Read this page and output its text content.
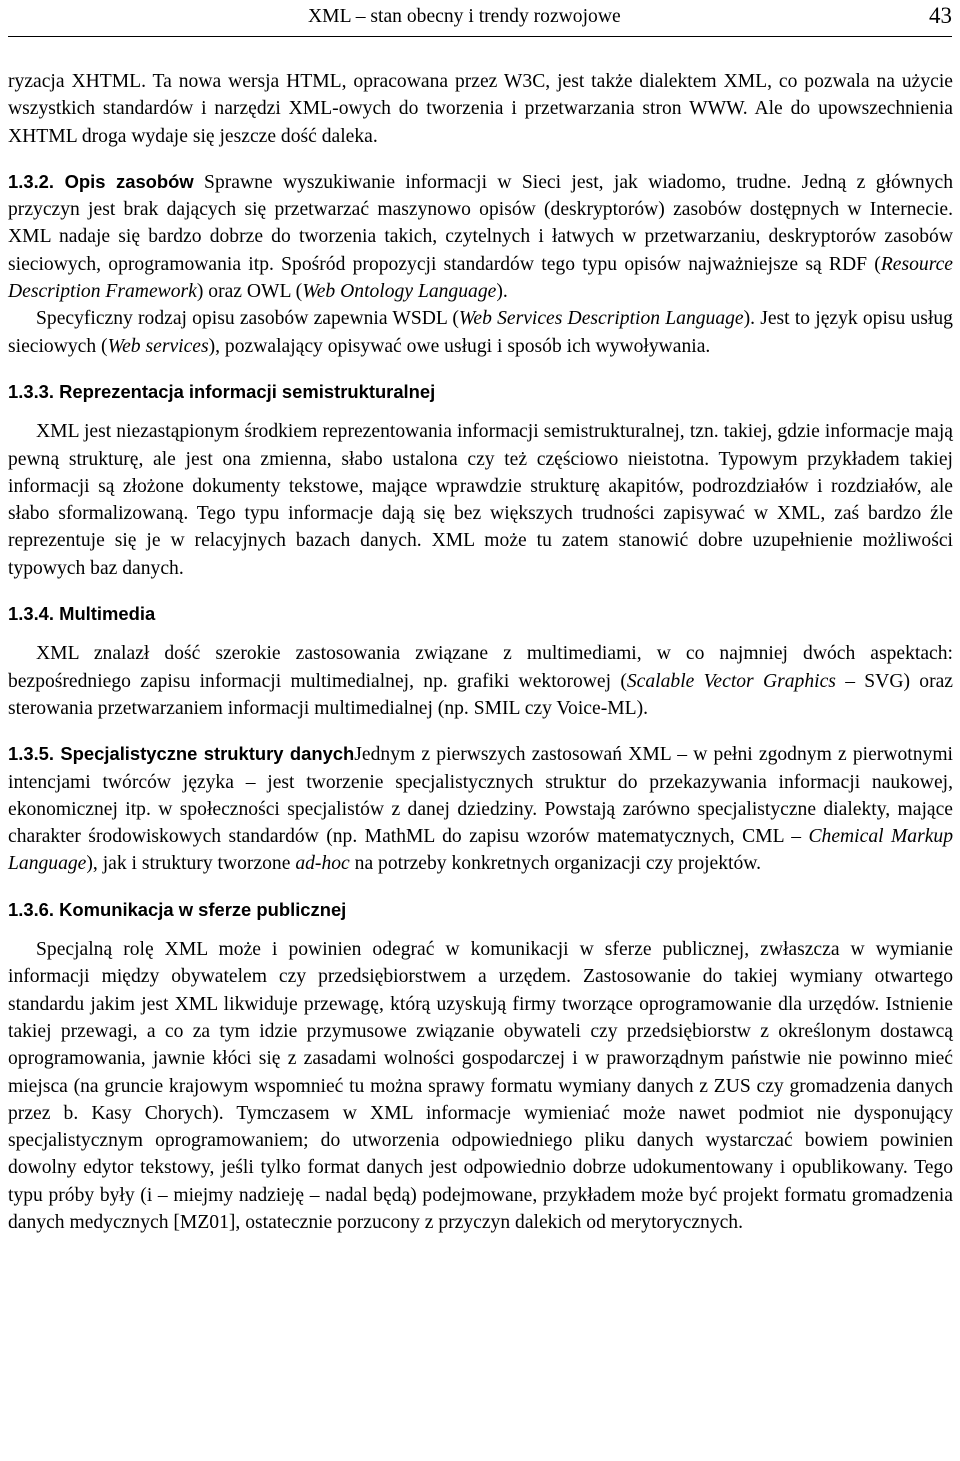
XML – stan obecny i trendy rozwojowe	43

ryzacja XHTML. Ta nowa wersja HTML, opracowana przez W3C, jest także dialektem XML, co pozwala na użycie wszystkich standardów i narzędzi XML-owych do tworzenia i przetwarzania stron WWW. Ale do upowszechnienia XHTML droga wydaje się jeszcze dość daleka.

1.3.2. Opis zasobów Sprawne wyszukiwanie informacji w Sieci jest, jak wiadomo, trudne. Jedną z głównych przyczyn jest brak dających się przetwarzać maszynowo opisów (deskryptorów) zasobów dostępnych w Internecie. XML nadaje się bardzo dobrze do tworzenia takich, czytelnych i łatwych w przetwarzaniu, deskryptorów zasobów sieciowych, oprogramowania itp. Spośród propozycji standardów tego typu opisów najważniejsze są RDF (Resource Description Framework) oraz OWL (Web Ontology Language).

Specyficzny rodzaj opisu zasobów zapewnia WSDL (Web Services Description Language). Jest to język opisu usług sieciowych (Web services), pozwalający opisywać owe usługi i sposób ich wywoływania.

1.3.3. Reprezentacja informacji semistrukturalnej

XML jest niezastąpionym środkiem reprezentowania informacji semistrukturalnej, tzn. takiej, gdzie informacje mają pewną strukturę, ale jest ona zmienna, słabo ustalona czy też częściowo nieistotna. Typowym przykładem takiej informacji są złożone dokumenty tekstowe, mające wprawdzie strukturę akapitów, podrozdziałów i rozdziałów, ale słabo sformalizowaną. Tego typu informacje dają się bez większych trudności zapisywać w XML, zaś bardzo źle reprezentuje się je w relacyjnych bazach danych. XML może tu zatem stanowić dobre uzupełnienie możliwości typowych baz danych.

1.3.4. Multimedia

XML znalazł dość szerokie zastosowania związane z multimediami, w co najmniej dwóch aspektach: bezpośredniego zapisu informacji multimedialnej, np. grafiki wektorowej (Scalable Vector Graphics – SVG) oraz sterowania przetwarzaniem informacji multimedialnej (np. SMIL czy Voice-ML).

1.3.5. Specjalistyczne struktury danychJednym z pierwszych zastosowań XML – w pełni zgodnym z pierwotnymi intencjami twórców języka – jest tworzenie specjalistycznych struktur do przekazywania informacji naukowej, ekonomicznej itp. w społeczności specjalistów z danej dziedziny. Powstają zarówno specjalistyczne dialekty, mające charakter środowiskowych standardów (np. MathML do zapisu wzorów matematycznych, CML – Chemical Markup Language), jak i struktury tworzone ad-hoc na potrzeby konkretnych organizacji czy projektów.

1.3.6. Komunikacja w sferze publicznej

Specjalną rolę XML może i powinien odegrać w komunikacji w sferze publicznej, zwłaszcza w wymianie informacji między obywatelem czy przedsiębiorstwem a urzędem. Zastosowanie do takiej wymiany otwartego standardu jakim jest XML likwiduje przewagę, którą uzyskują firmy tworzące oprogramowanie dla urzędów. Istnienie takiej przewagi, a co za tym idzie przymusowe związanie obywateli czy przedsiębiorstw z określonym dostawcą oprogramowania, jawnie kłóci się z zasadami wolności gospodarczej i w praworządnym państwie nie powinno mieć miejsca (na gruncie krajowym wspomnieć tu można sprawy formatu wymiany danych z ZUS czy gromadzenia danych przez b. Kasy Chorych). Tymczasem w XML informacje wymieniać może nawet podmiot nie dysponujący specjalistycznym oprogramowaniem; do utworzenia odpowiedniego pliku danych wystarczać bowiem powinien dowolny edytor tekstowy, jeśli tylko format danych jest odpowiednio dobrze udokumentowany i opublikowany. Tego typu próby były (i – miejmy nadzieję – nadal będą) podejmowane, przykładem może być projekt formatu gromadzenia danych medycznych [MZ01], ostatecznie porzucony z przyczyn dalekich od merytorycznych.
